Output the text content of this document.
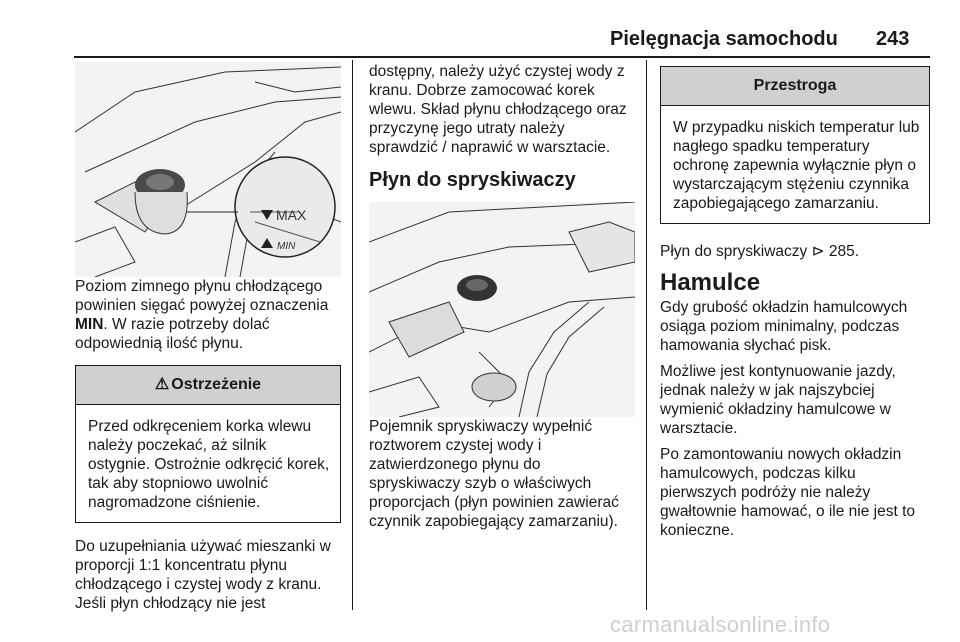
Pielęgnacja samochodu 243
MAX
MIN

Poziom zimnego płynu chłodzącego powinien sięgać powyżej oznaczenia MIN. W razie potrzeby dolać odpowiednią ilość płynu.

⚠ Ostrzeżenie
Przed odkręceniem korka wlewu należy poczekać, aż silnik ostygnie. Ostrożnie odkręcić korek, tak aby stopniowo uwolnić nagromadzone ciśnienie.

Do uzupełniania używać mieszanki w proporcji 1:1 koncentratu płynu chłodzącego i czystej wody z kranu. Jeśli płyn chłodzący nie jest

dostępny, należy użyć czystej wody z kranu. Dobrze zamocować korek wlewu. Skład płynu chłodzącego oraz przyczynę jego utraty należy sprawdzić / naprawić w warsztacie.

Płyn do spryskiwaczy

Pojemnik spryskiwaczy wypełnić roztworem czystej wody i zatwierdzonego płynu do spryskiwaczy szyb o właściwych proporcjach (płyn powinien zawierać czynnik zapobiegający zamarzaniu).

Przestroga
W przypadku niskich temperatur lub nagłego spadku temperatury ochronę zapewnia wyłącznie płyn o wystarczającym stężeniu czynnika zapobiegającego zamarzaniu.

Płyn do spryskiwaczy ⊳ 285.

Hamulce

Gdy grubość okładzin hamulcowych osiąga poziom minimalny, podczas hamowania słychać pisk.

Możliwe jest kontynuowanie jazdy, jednak należy w jak najszybciej wymienić okładziny hamulcowe w warsztacie.

Po zamontowaniu nowych okładzin hamulcowych, podczas kilku pierwszych podróży nie należy gwałtownie hamować, o ile nie jest to konieczne.

carmanualsonline.info
